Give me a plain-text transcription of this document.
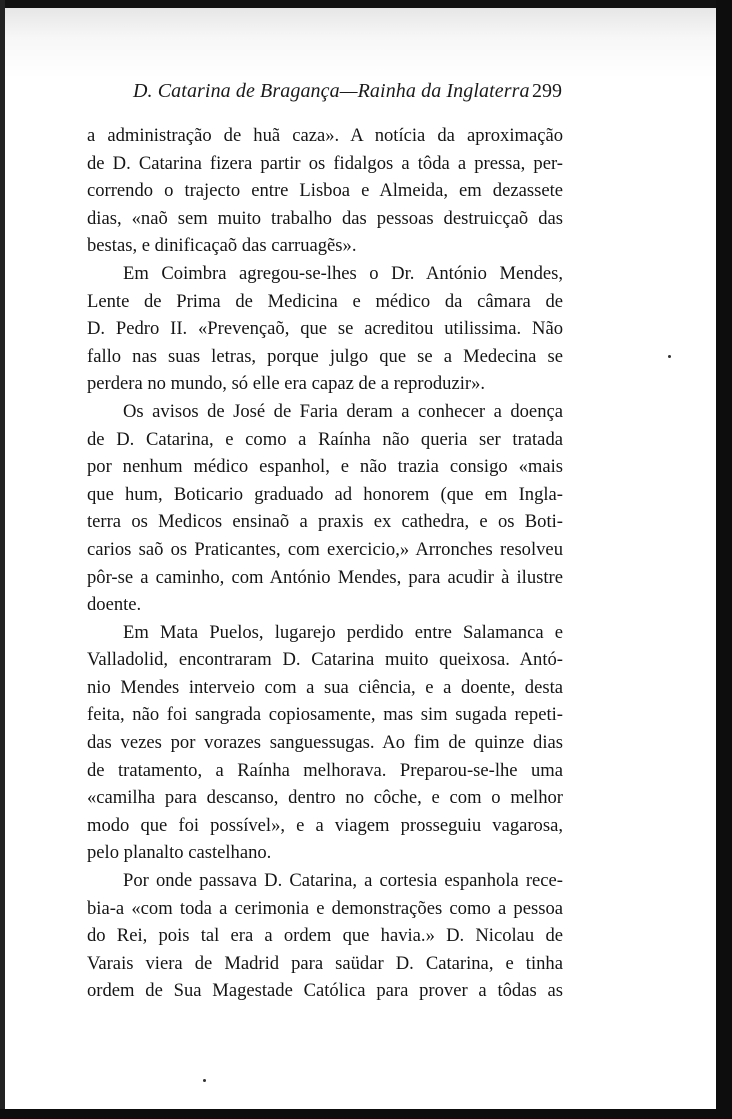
D. Catarina de Bragança—Rainha da Inglaterra 299

a administração de huã caza». A notícia da aproximação
de D. Catarina fizera partir os fidalgos a tôda a pressa, per-
correndo o trajecto entre Lisboa e Almeida, em dezassete
dias, «naõ sem muito trabalho das pessoas destruicçaõ das
bestas, e dinificaçaõ das carruagẽs».

Em Coimbra agregou-se-lhes o Dr. António Mendes,
Lente de Prima de Medicina e médico da câmara de
D. Pedro II. «Prevençaõ, que se acreditou utilissima. Não
fallo nas suas letras, porque julgo que se a Medecina se
perdera no mundo, só elle era capaz de a reproduzir».

Os avisos de José de Faria deram a conhecer a doença
de D. Catarina, e como a Raínha não queria ser tratada
por nenhum médico espanhol, e não trazia consigo «mais
que hum, Boticario graduado ad honorem (que em Ingla-
terra os Medicos ensinaõ a praxis ex cathedra, e os Boti-
carios saõ os Praticantes, com exercicio,» Arronches resolveu
pôr-se a caminho, com António Mendes, para acudir à ilustre
doente.

Em Mata Puelos, lugarejo perdido entre Salamanca e
Valladolid, encontraram D. Catarina muito queixosa. Antó-
nio Mendes interveio com a sua ciência, e a doente, desta
feita, não foi sangrada copiosamente, mas sim sugada repeti-
das vezes por vorazes sanguessugas. Ao fim de quinze dias
de tratamento, a Raínha melhorava. Preparou-se-lhe uma
«camilha para descanso, dentro no côche, e com o melhor
modo que foi possível», e a viagem prosseguiu vagarosa,
pelo planalto castelhano.

Por onde passava D. Catarina, a cortesia espanhola rece-
bia-a «com toda a cerimonia e demonstrações como a pessoa
do Rei, pois tal era a ordem que havia.» D. Nicolau de
Varais viera de Madrid para saüdar D. Catarina, e tinha
ordem de Sua Magestade Católica para prover a tôdas as
